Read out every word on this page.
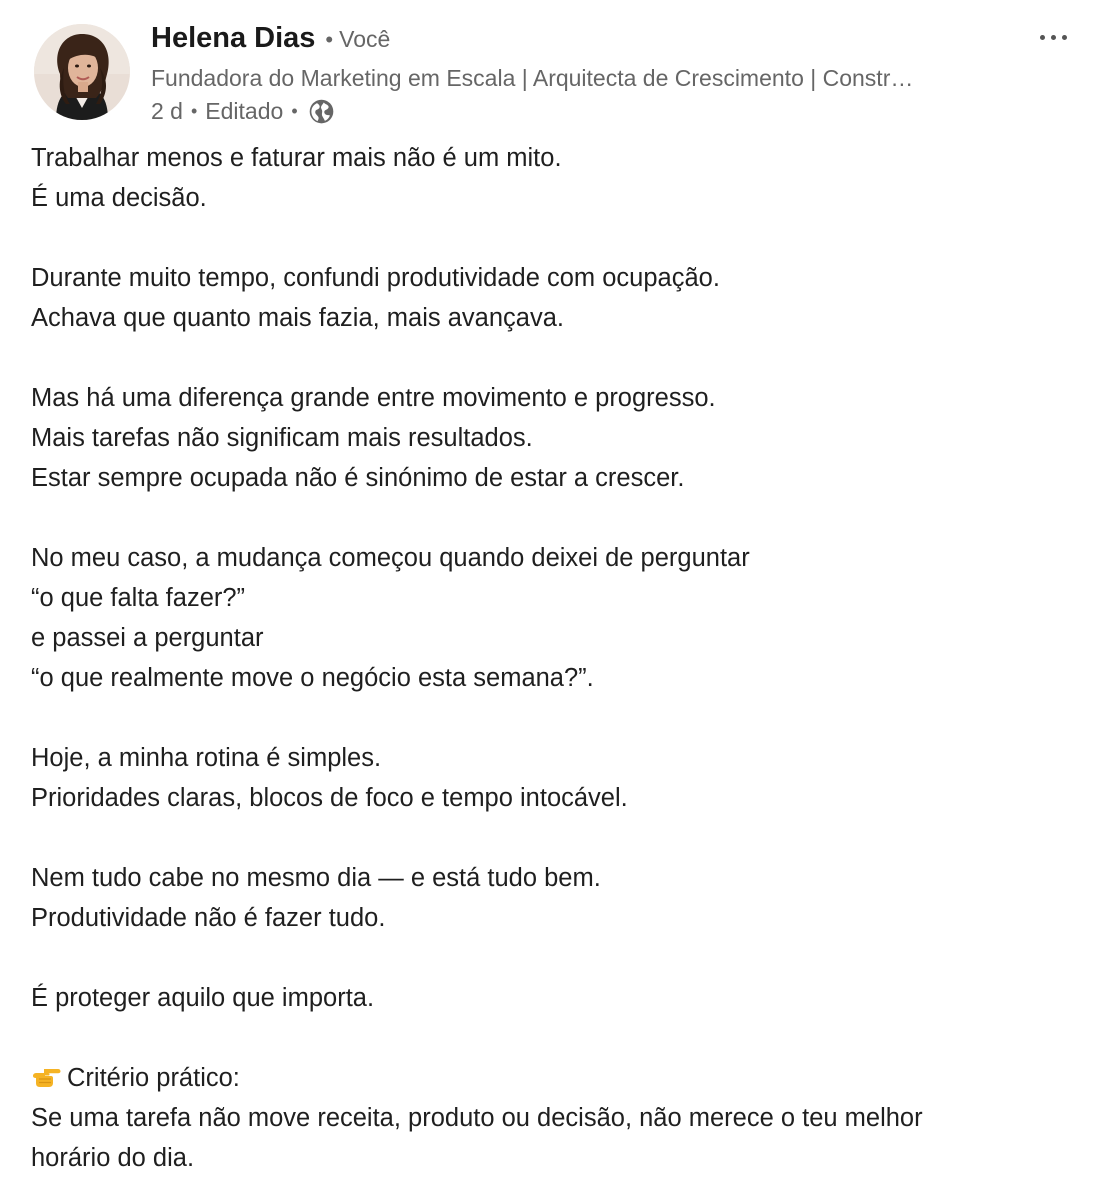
Helena Dias • Você
Fundadora do Marketing em Escala | Arquitecta de Crescimento | Constr…
2 d • Editado •

Trabalhar menos e faturar mais não é um mito.

É uma decisão.

Durante muito tempo, confundi produtividade com ocupação.

Achava que quanto mais fazia, mais avançava.

Mas há uma diferença grande entre movimento e progresso.

Mais tarefas não significam mais resultados.

Estar sempre ocupada não é sinónimo de estar a crescer.

No meu caso, a mudança começou quando deixei de perguntar

“o que falta fazer?”

e passei a perguntar

“o que realmente move o negócio esta semana?”.

Hoje, a minha rotina é simples.

Prioridades claras, blocos de foco e tempo intocável.

Nem tudo cabe no mesmo dia — e está tudo bem.

Produtividade não é fazer tudo.

É proteger aquilo que importa.

Critério prático:

Se uma tarefa não move receita, produto ou decisão, não merece o teu melhor

horário do dia.
